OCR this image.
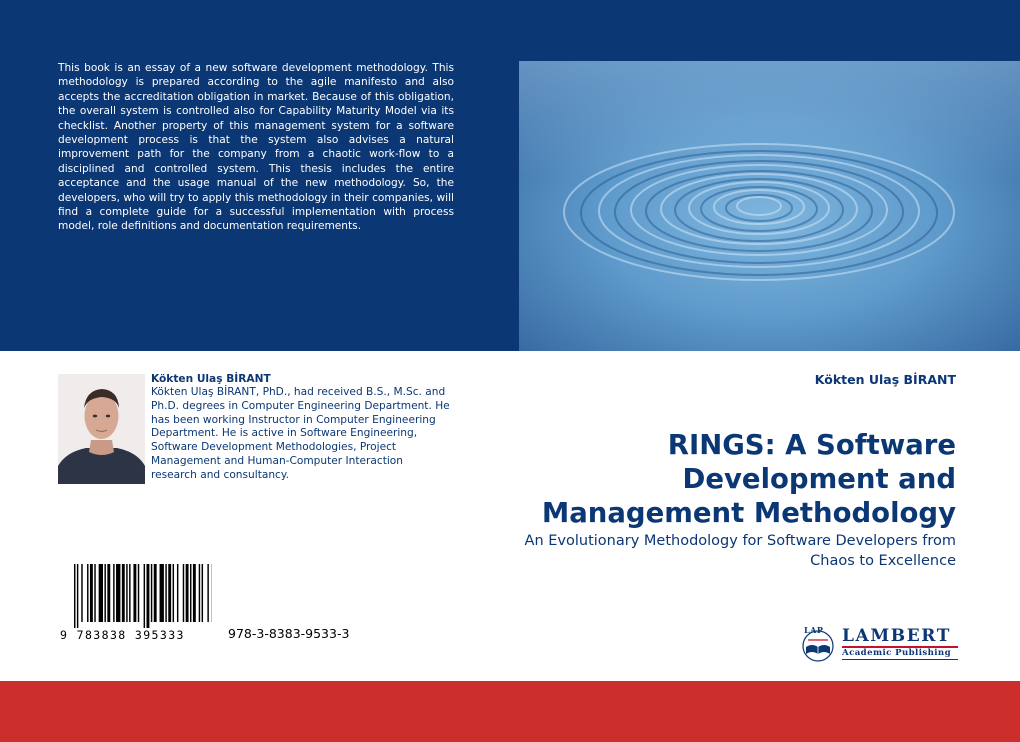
This book is an essay of a new software development methodology. This methodology is prepared according to the agile manifesto and also accepts the accreditation obligation in market. Because of this obligation, the overall system is controlled also for Capability Maturity Model via its checklist. Another property of this management system for a software development process is that the system also advises a natural improvement path for the company from a chaotic work-flow to a disciplined and controlled system. This thesis includes the entire acceptance and the usage manual of the new methodology. So, the developers, who will try to apply this methodology in their companies, will find a complete guide for a successful implementation with process model, role definitions and documentation requirements.

Kökten Ulaş BİRANT

Kökten Ulaş BİRANT, PhD., had received B.S., M.Sc. and Ph.D. degrees in Computer Engineering Department. He has been working Instructor in Computer Engineering Department. He is active in Software Engineering, Software Development Methodologies, Project Management and Human-Computer Interaction research and consultancy.

Kökten Ulaş BİRANT

RINGS: A Software Development and Management Methodology

An Evolutionary Methodology for Software Developers from Chaos to Excellence

9 783838 395333	978-3-8383-9533-3	LAP LAMBERT

Academic Publishing
